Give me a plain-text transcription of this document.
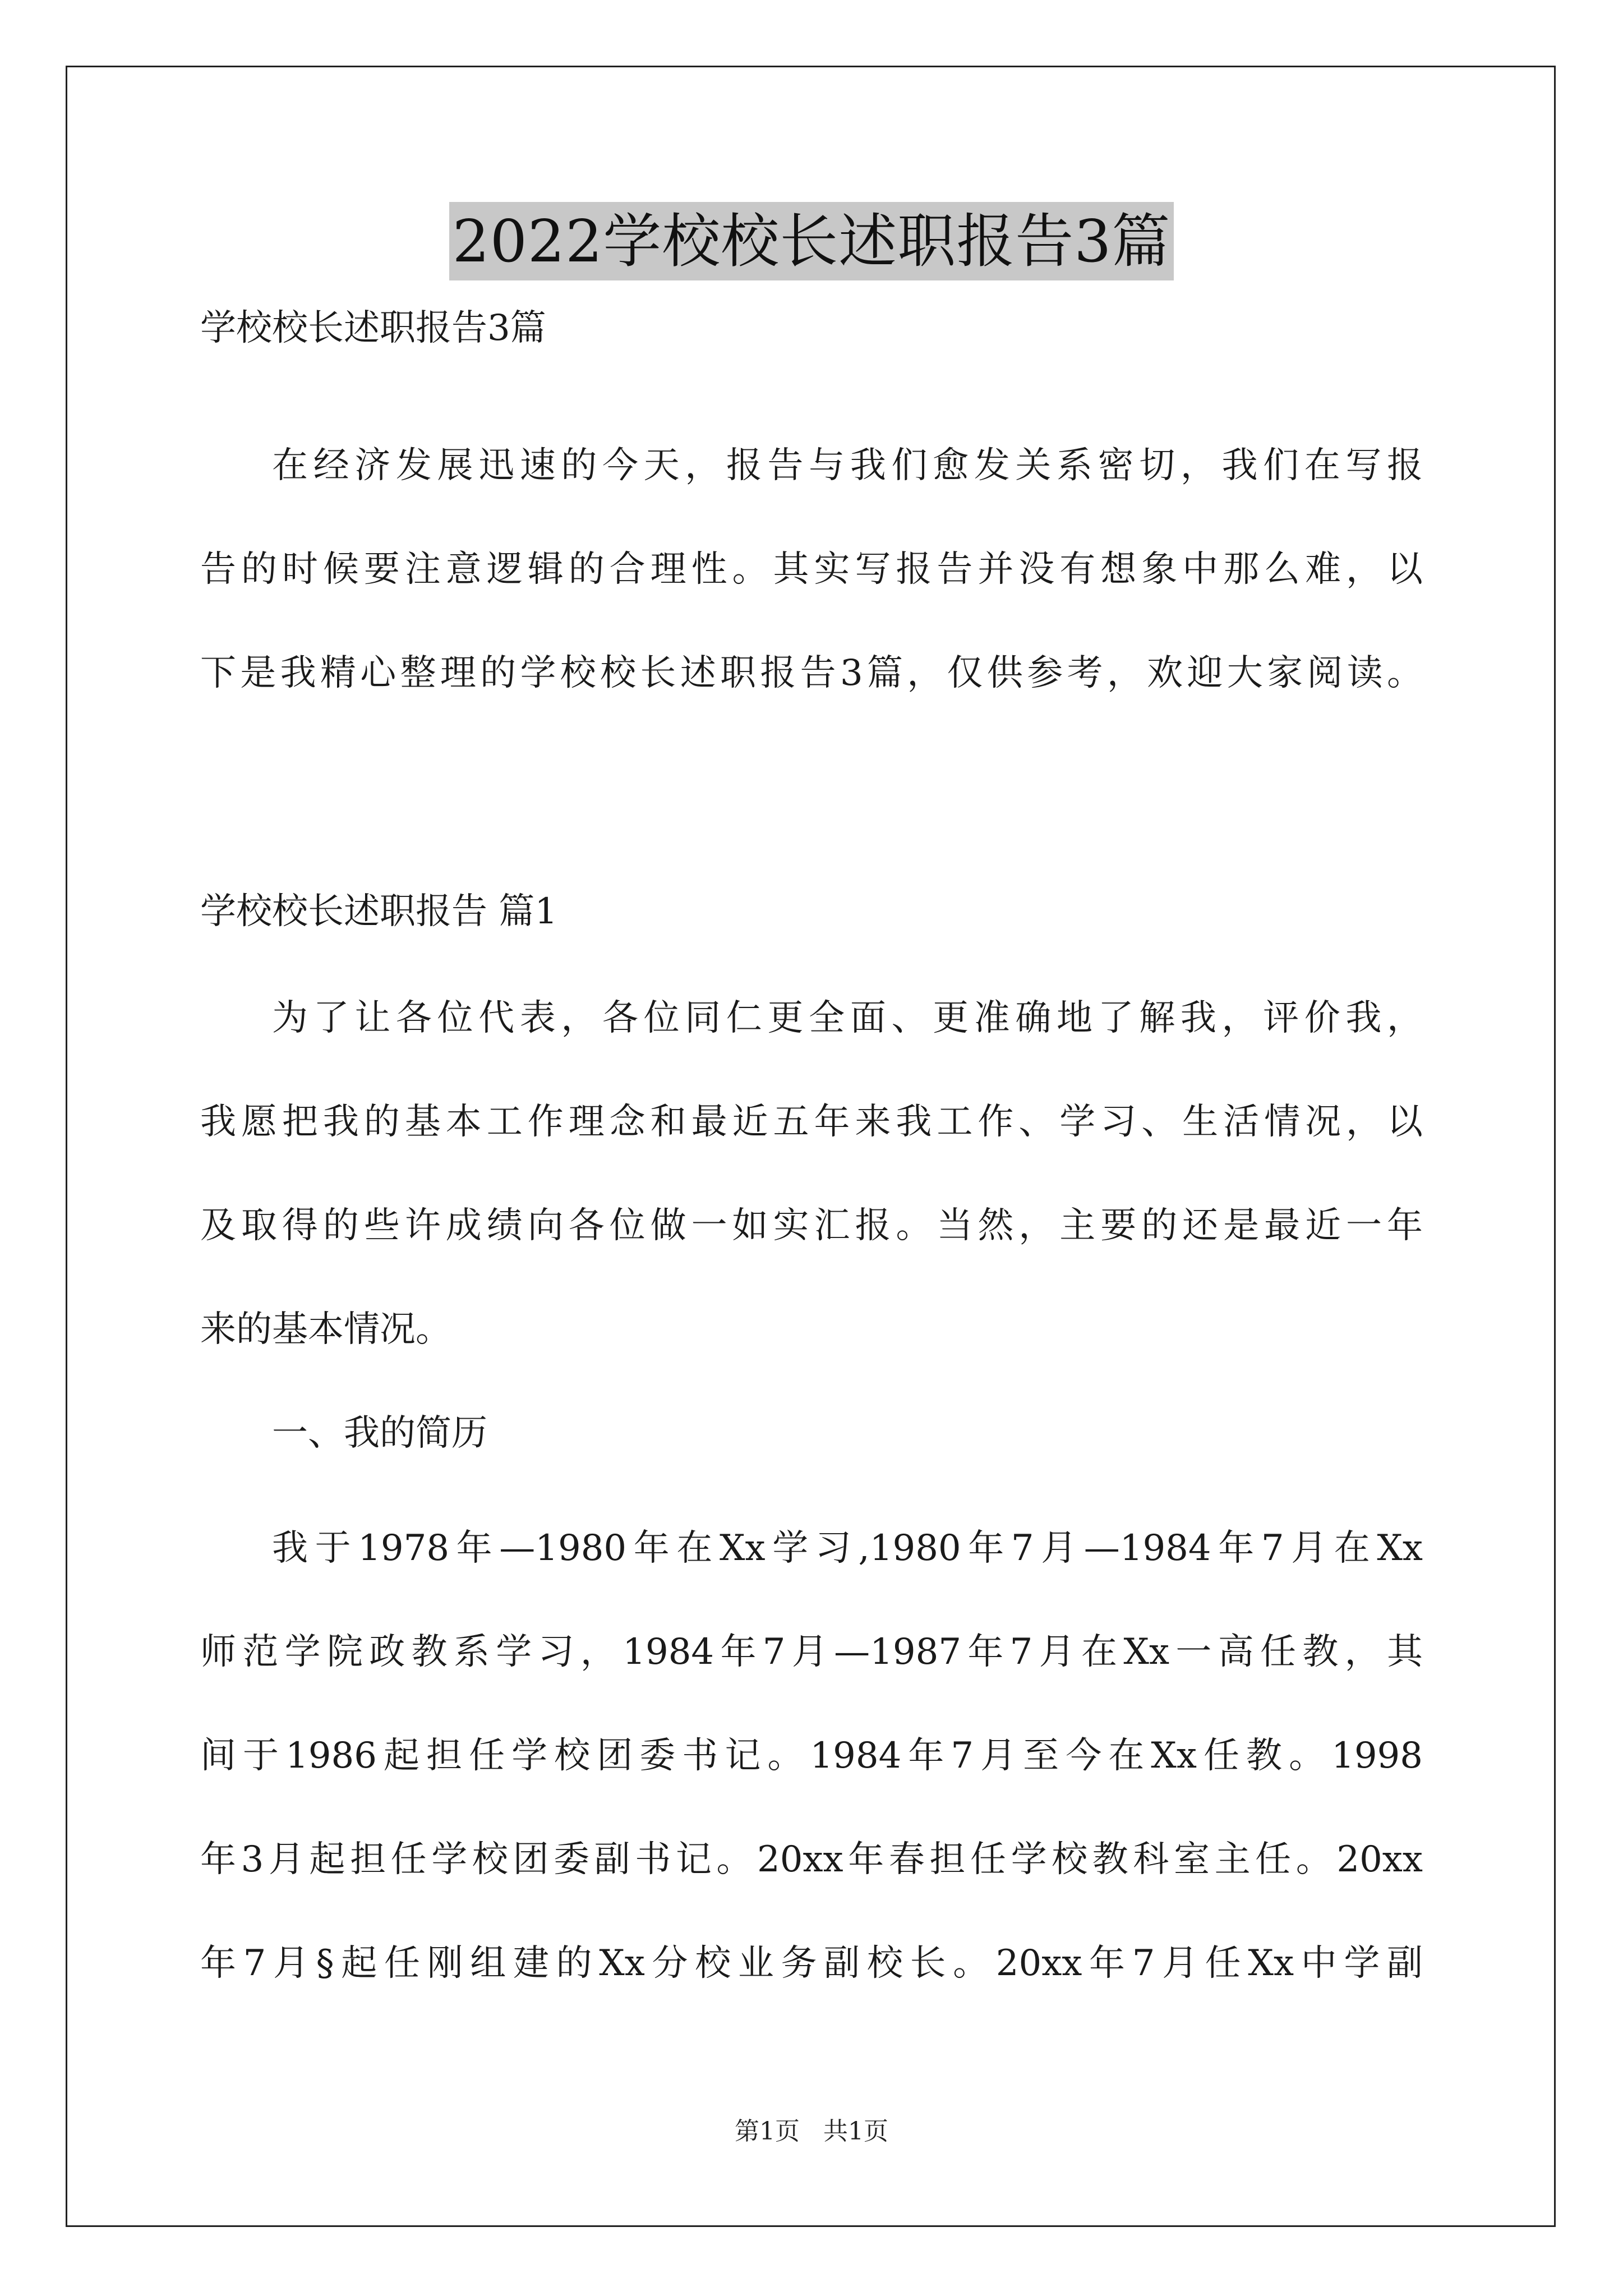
2022学校校长述职报告3篇
学校校长述职报告3篇
在经济发展迅速的今天，报告与我们愈发关系密切，我们在写报
告的时候要注意逻辑的合理性。其实写报告并没有想象中那么难，以
下是我精心整理的学校校长述职报告3篇，仅供参考，欢迎大家阅读。
学校校长述职报告 篇1
为了让各位代表，各位同仁更全面、更准确地了解我，评价我，
我愿把我的基本工作理念和最近五年来我工作、学习、生活情况，以
及取得的些许成绩向各位做一如实汇报。当然，主要的还是最近一年
来的基本情况。
一、我的简历
我于1978年—1980年在Xx学习,1980年7月—1984年7月在Xx
师范学院政教系学习，1984年7月—1987年7月在Xx一高任教，其
间于1986起担任学校团委书记。1984年7月至今在Xx任教。1998
年3月起担任学校团委副书记。20xx年春担任学校教科室主任。20xx
年7月§起任刚组建的Xx分校业务副校长。20xx年7月任Xx中学副
第1页 共1页
